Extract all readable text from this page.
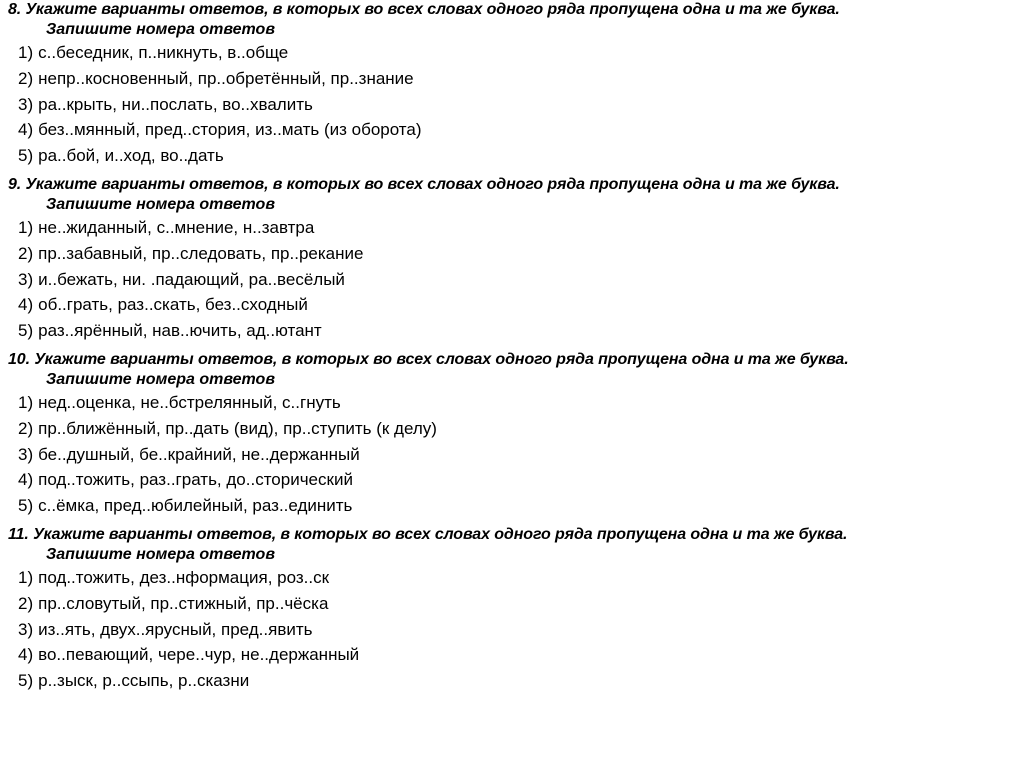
8. Укажите варианты ответов, в которых во всех словах одного ряда пропущена одна и та же буква.
Запишите номера ответов
1) с..беседник, п..никнуть, в..обще
2) непр..косновенный, пр..обретённый, пр..знание
3) ра..крыть, ни..послать, во..хвалить
4) без..мянный, пред..стория, из..мать (из оборота)
5) ра..бой, и..ход, во..дать
9. Укажите варианты ответов, в которых во всех словах одного ряда пропущена одна и та же буква.
Запишите номера ответов
1) не..жиданный, с..мнение, н..завтра
2) пр..забавный, пр..следовать, пр..рекание
3) и..бежать, ни. .падающий, ра..весёлый
4) об..грать, раз..скать, без..сходный
5) раз..ярённый, нав..ючить, ад..ютант
10. Укажите варианты ответов, в которых во всех словах одного ряда пропущена одна и та же буква.
Запишите номера ответов
1) нед..оценка, не..бстрелянный, с..гнуть
2) пр..ближённый, пр..дать (вид), пр..ступить (к делу)
3) бе..душный, бе..крайний, не..держанный
4) под..тожить, раз..грать, до..сторический
5) с..ёмка, пред..юбилейный, раз..единить
11. Укажите варианты ответов, в которых во всех словах одного ряда пропущена одна и та же буква.
Запишите номера ответов
1) под..тожить, дез..нформация, роз..ск
2) пр..словутый, пр..стижный, пр..чёска
3) из..ять, двух..ярусный, пред..явить
4) во..певающий, чере..чур, не..держанный
5) р..зыск, р..ссыпь, р..сказни
